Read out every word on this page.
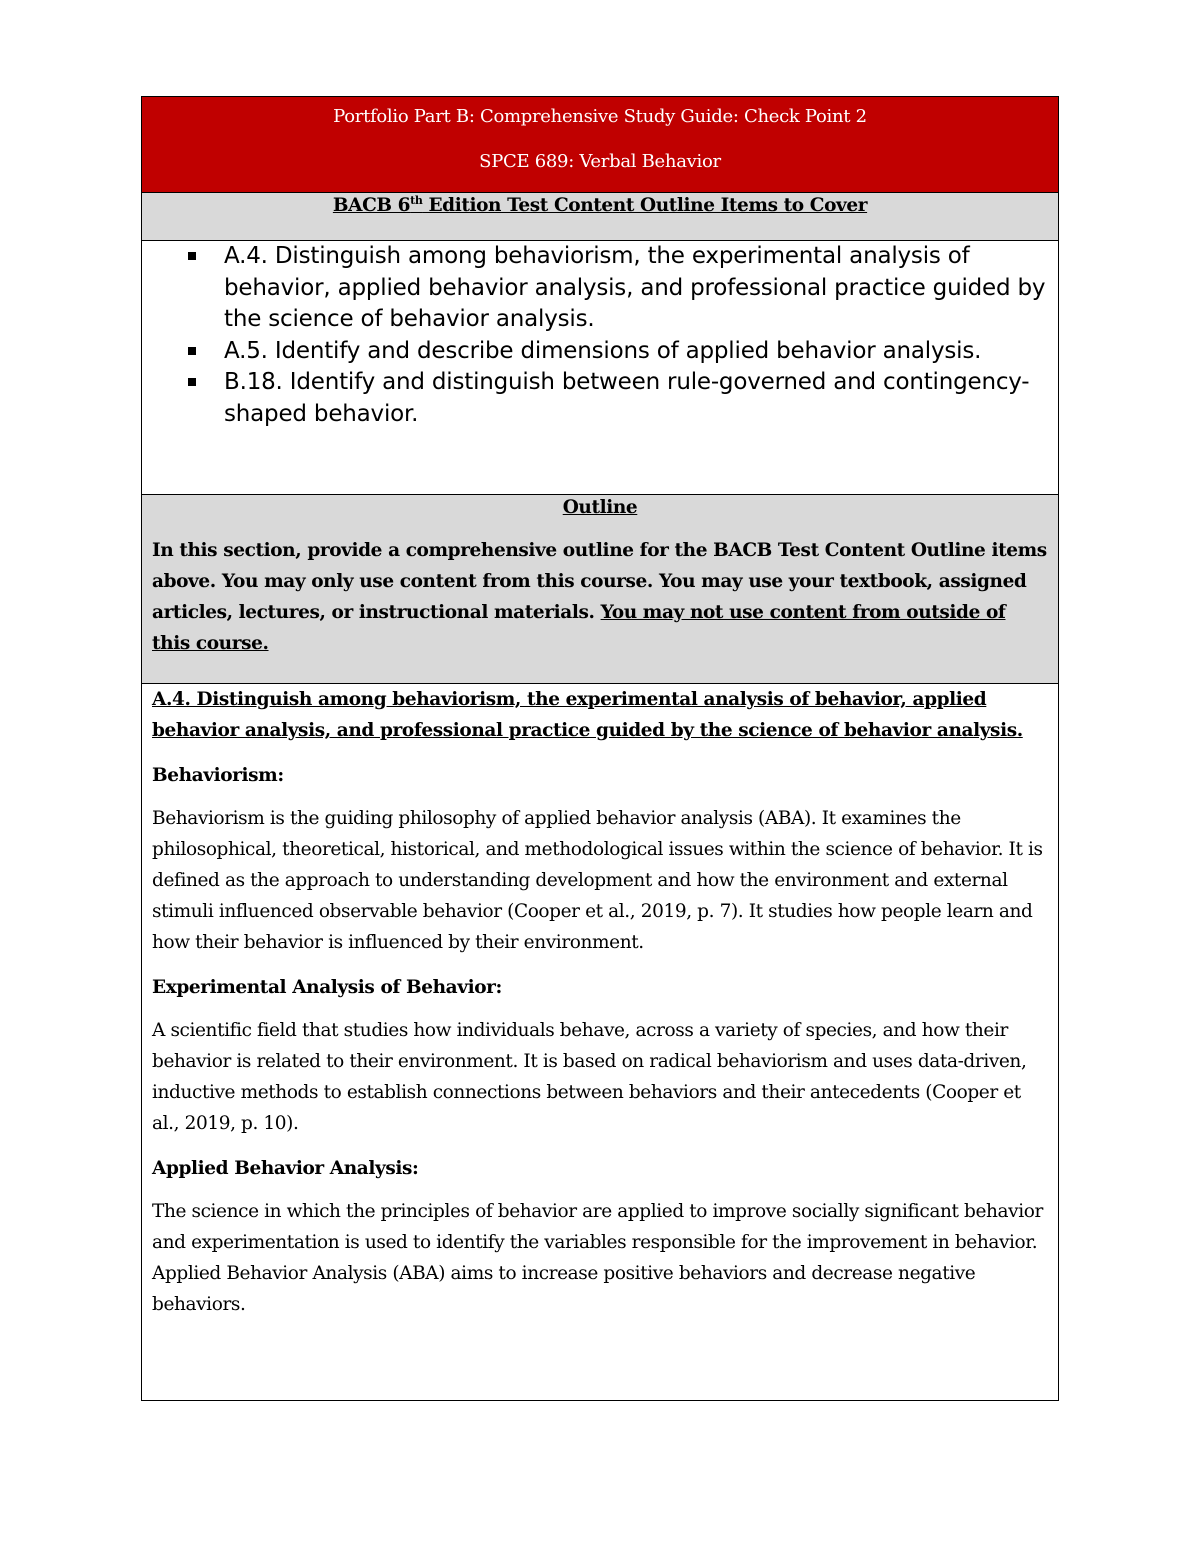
Portfolio Part B: Comprehensive Study Guide: Check Point 2
SPCE 689: Verbal Behavior
BACB 6th Edition Test Content Outline Items to Cover
A.4. Distinguish among behaviorism, the experimental analysis of behavior, applied behavior analysis, and professional practice guided by the science of behavior analysis.
A.5. Identify and describe dimensions of applied behavior analysis.
B.18. Identify and distinguish between rule-governed and contingency-shaped behavior.
Outline
In this section, provide a comprehensive outline for the BACB Test Content Outline items above. You may only use content from this course. You may use your textbook, assigned articles, lectures, or instructional materials. You may not use content from outside of this course.
A.4. Distinguish among behaviorism, the experimental analysis of behavior, applied behavior analysis, and professional practice guided by the science of behavior analysis.
Behaviorism:
Behaviorism is the guiding philosophy of applied behavior analysis (ABA). It examines the philosophical, theoretical, historical, and methodological issues within the science of behavior. It is defined as the approach to understanding development and how the environment and external stimuli influenced observable behavior (Cooper et al., 2019, p. 7). It studies how people learn and how their behavior is influenced by their environment.
Experimental Analysis of Behavior:
A scientific field that studies how individuals behave, across a variety of species, and how their behavior is related to their environment. It is based on radical behaviorism and uses data-driven, inductive methods to establish connections between behaviors and their antecedents (Cooper et al., 2019, p. 10).
Applied Behavior Analysis:
The science in which the principles of behavior are applied to improve socially significant behavior and experimentation is used to identify the variables responsible for the improvement in behavior. Applied Behavior Analysis (ABA) aims to increase positive behaviors and decrease negative behaviors.
